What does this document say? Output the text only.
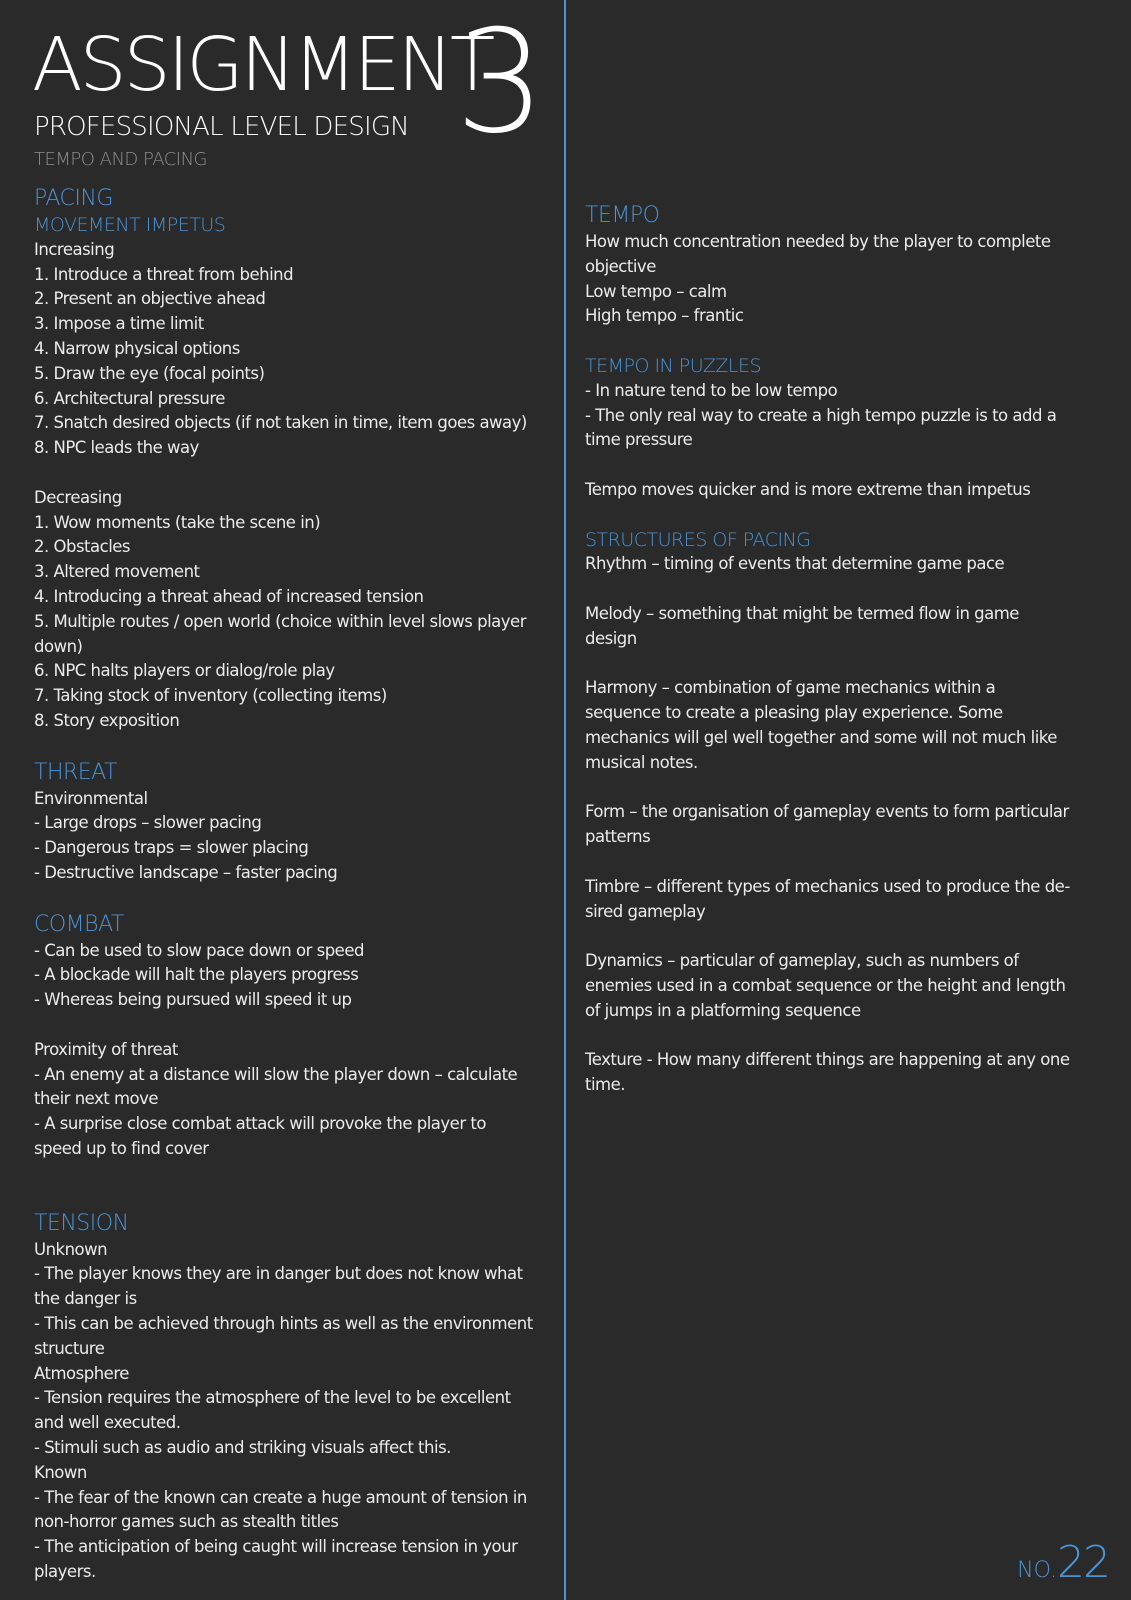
ASSIGNMENT
3
PROFESSIONAL LEVEL DESIGN
TEMPO AND PACING
PACING
MOVEMENT IMPETUS
Increasing
1. Introduce a threat from behind
2. Present an objective ahead
3. Impose a time limit
4. Narrow physical options
5. Draw the eye (focal points)
6. Architectural pressure
7. Snatch desired objects (if not taken in time, item goes away)
8. NPC leads the way
Decreasing
1. Wow moments (take the scene in)
2. Obstacles
3. Altered movement
4. Introducing a threat ahead of increased tension
5. Multiple routes / open world (choice within level slows player down)
6. NPC halts players or dialog/role play
7. Taking stock of inventory (collecting items)
8. Story exposition
THREAT
Environmental
- Large drops – slower pacing
- Dangerous traps = slower placing
- Destructive landscape – faster pacing
COMBAT
- Can be used to slow pace down or speed
- A blockade will halt the players progress
- Whereas being pursued will speed it up
Proximity of threat
- An enemy at a distance will slow the player down – calculate their next move
- A surprise close combat attack will provoke the player to speed up to find cover
TENSION
Unknown
- The player knows they are in danger but does not know what the danger is
- This can be achieved through hints as well as the environment structure
Atmosphere
- Tension requires the atmosphere of the level to be excellent and well executed.
- Stimuli such as audio and striking visuals affect this.
Known
- The fear of the known can create a huge amount of tension in non-horror games such as stealth titles
- The anticipation of being caught will increase tension in your players.
TEMPO
How much concentration needed by the player to complete objective
Low tempo – calm
High tempo – frantic
TEMPO IN PUZZLES
- In nature tend to be low tempo
- The only real way to create a high tempo puzzle is to add a time pressure
Tempo moves quicker and is more extreme than impetus
STRUCTURES OF PACING
Rhythm – timing of events that determine game pace
Melody – something that might be termed flow in game design
Harmony – combination of game mechanics within a sequence to create a pleasing play experience. Some mechanics will gel well together and some will not much like musical notes.
Form – the organisation of gameplay events to form particular patterns
Timbre – different types of mechanics used to produce the de-sired gameplay
Dynamics – particular of gameplay, such as numbers of enemies used in a combat sequence or the height and length of jumps in a platforming sequence
Texture - How many different things are happening at any one time.
NO.22
